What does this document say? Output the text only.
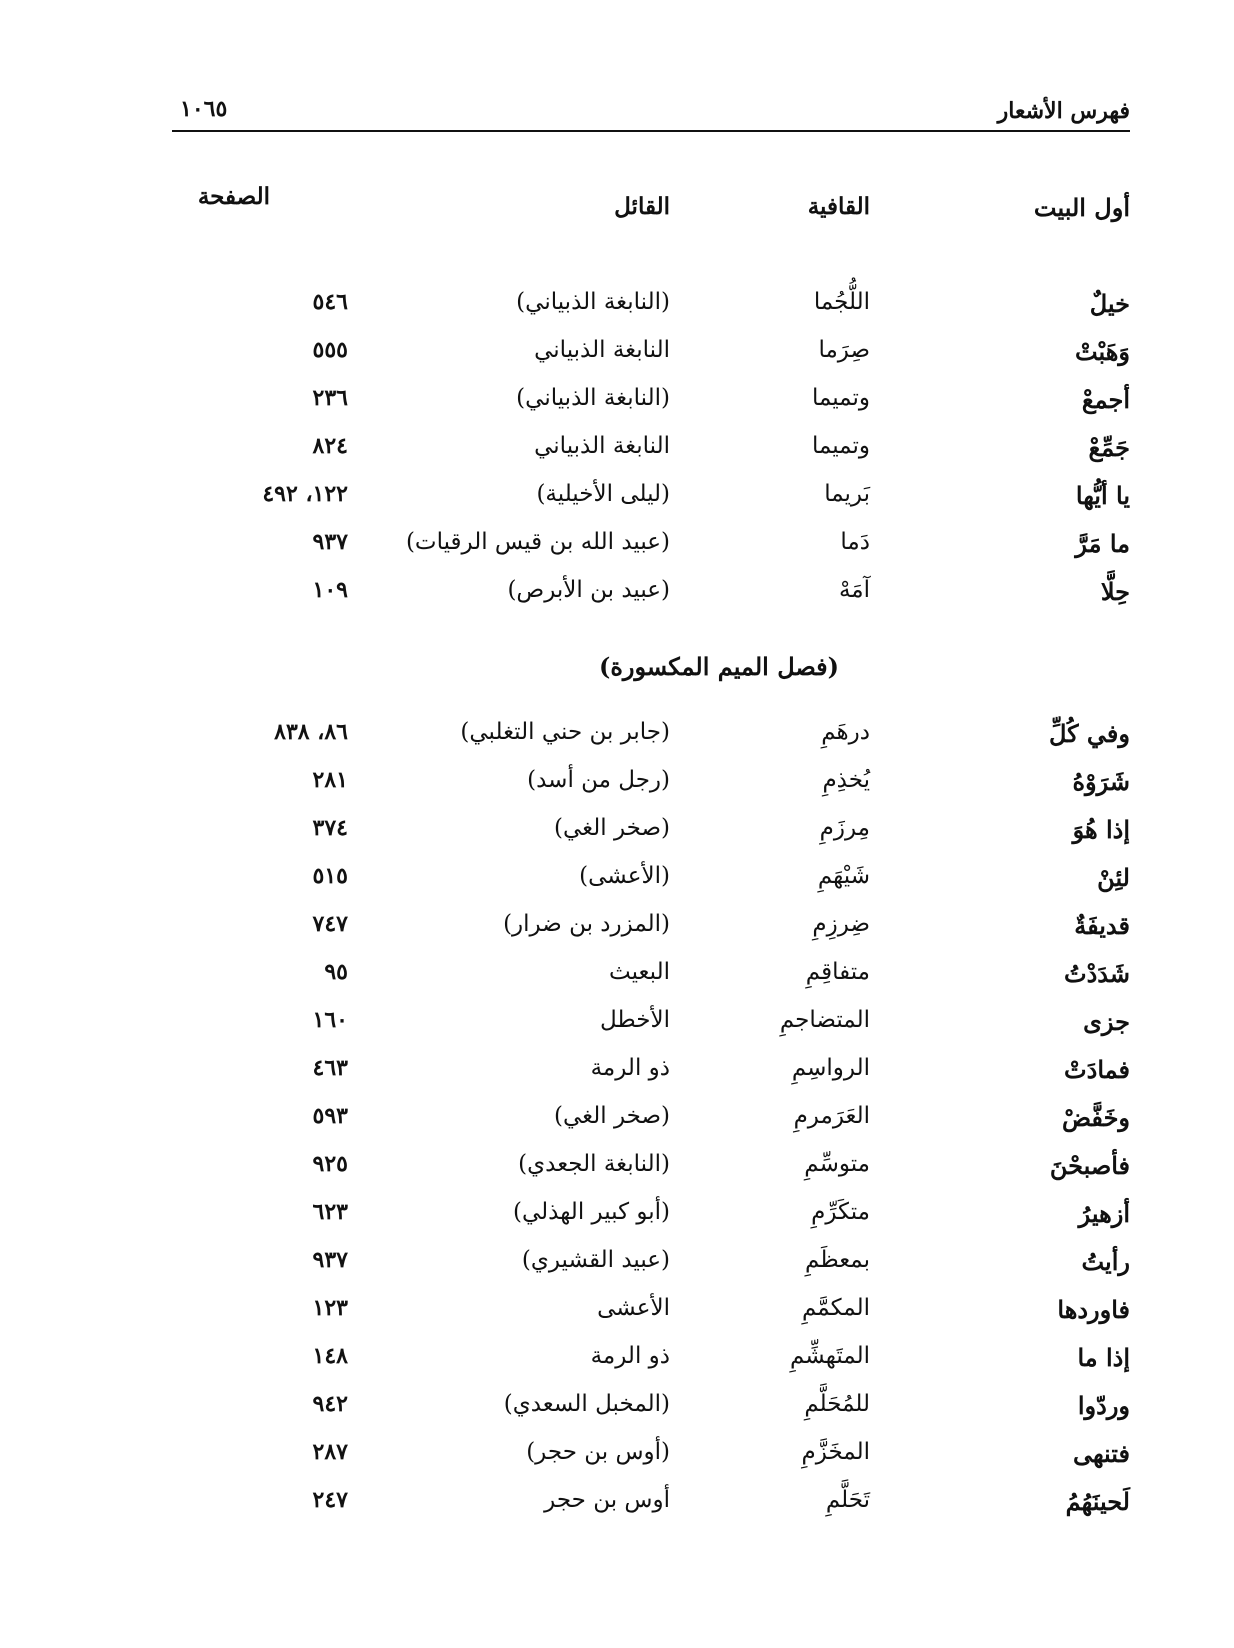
فهرس الأشعار
١٠٦٥
أول البيت
القافية
القائل
الصفحة
خيلٌ
اللُّجُما
(النابغة الذبياني)
٥٤٦
وَهَبْتْ
صِرَما
النابغة الذبياني
٥٥٥
أجمعْ
وتميما
(النابغة الذبياني)
٢٣٦
جَمِّعْ
وتميما
النابغة الذبياني
٨٢٤
يا أيُّها
بَريما
(ليلى الأخيلية)
١٢٢، ٤٩٢
ما مَرَّ
دَما
(عبيد الله بن قيس الرقيات)
٩٣٧
حِلَّا
آمَهْ
(عبيد بن الأبرص)
١٠٩
(فصل الميم المكسورة)
وفي كُلِّ
درهَمِ
(جابر بن حني التغلبي)
٨٦، ٨٣٨
شَرَوْهُ
يُخذِمِ
(رجل من أسد)
٢٨١
إذا هُوَ
مِرزَمِ
(صخر الغي)
٣٧٤
لئِنْ
شَيْهَمِ
(الأعشى)
٥١٥
قديفَةٌ
ضِرزِمِ
(المزرد بن ضرار)
٧٤٧
شَدَدْتُ
متفاقِمِ
البعيث
٩٥
جزى
المتضاجمِ
الأخطل
١٦٠
فمادَتْ
الرواسِمِ
ذو الرمة
٤٦٣
وخَفَّضْ
العَرَمرمِ
(صخر الغي)
٥٩٣
فأصبحْنَ
متوسِّمِ
(النابغة الجعدي)
٩٢٥
أزهيرُ
متكَرِّمِ
(أبو كبير الهذلي)
٦٢٣
رأيتُ
بمعظَمِ
(عبيد القشيري)
٩٣٧
فاوردها
المكمَّمِ
الأعشى
١٢٣
إذا ما
المتَهشِّمِ
ذو الرمة
١٤٨
وردّوا
للمُحَلَّمِ
(المخبل السعدي)
٩٤٢
فتنهى
المخَزَّمِ
(أوس بن حجر)
٢٨٧
لَحينَهُمُ
تَحَلَّمِ
أوس بن حجر
٢٤٧
